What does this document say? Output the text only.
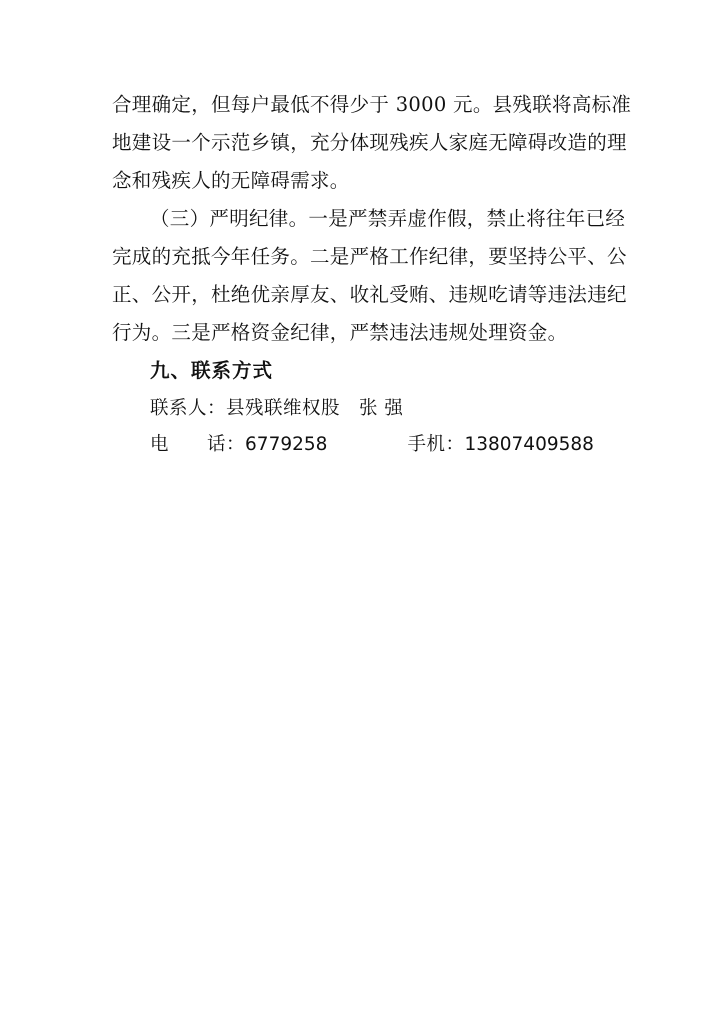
合理确定，但每户最低不得少于 3000 元。县残联将高标准
地建设一个示范乡镇，充分体现残疾人家庭无障碍改造的理
念和残疾人的无障碍需求。
（三）严明纪律。一是严禁弄虚作假，禁止将往年已经
完成的充抵今年任务。二是严格工作纪律，要坚持公平、公
正、公开，杜绝优亲厚友、收礼受贿、违规吃请等违法违纪
行为。三是严格资金纪律，严禁违法违规处理资金。
九、联系方式
联系人：县残联维权股　张 强
电 话：6779258	手机：13807409588
